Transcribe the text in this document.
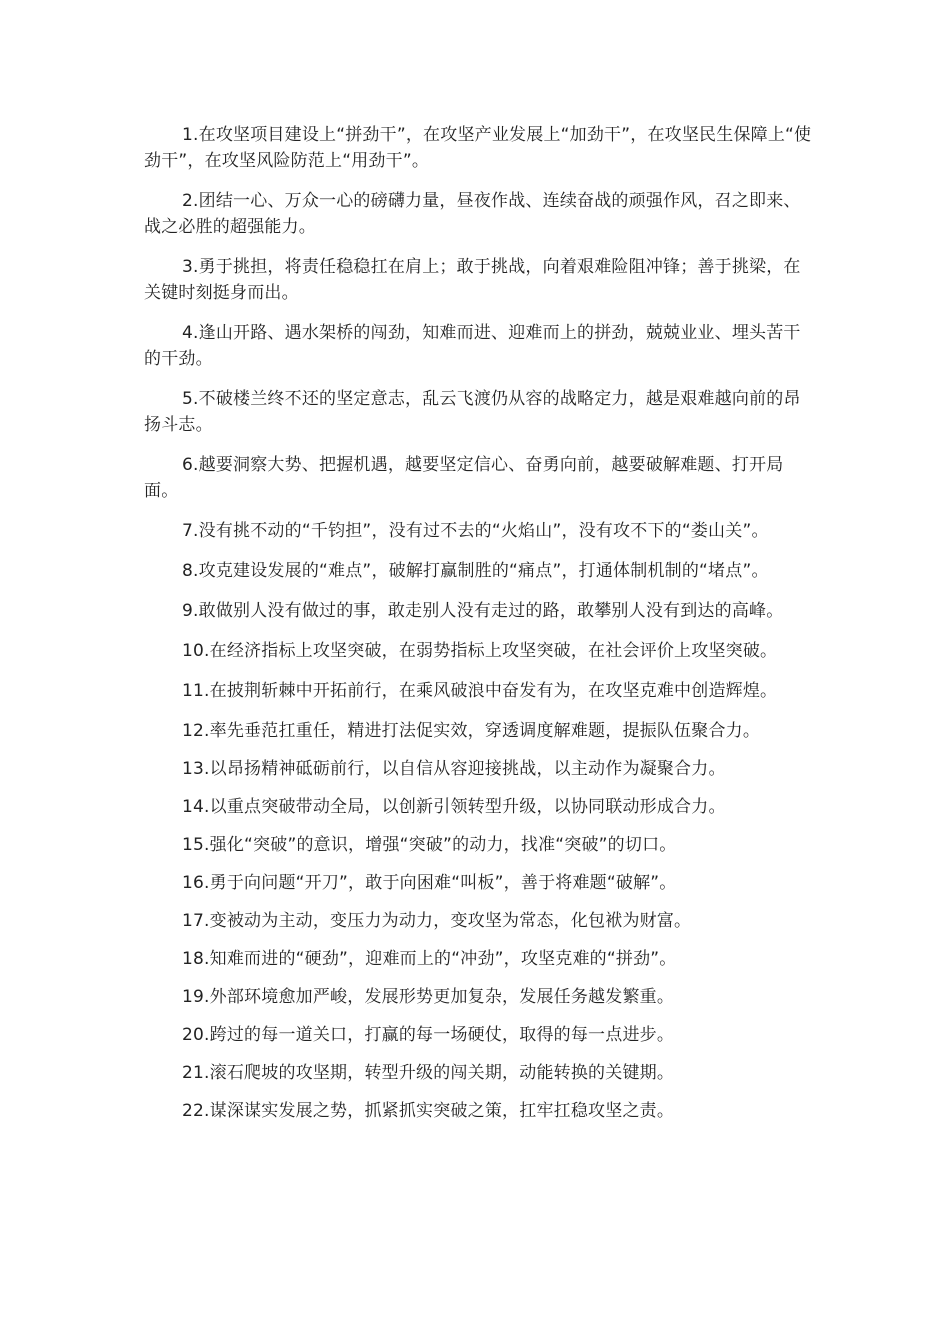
1.在攻坚项目建设上“拼劲干”，在攻坚产业发展上“加劲干”，在攻坚民生保障上“使劲干”，在攻坚风险防范上“用劲干”。

2.团结一心、万众一心的磅礴力量，昼夜作战、连续奋战的顽强作风，召之即来、战之必胜的超强能力。

3.勇于挑担，将责任稳稳扛在肩上；敢于挑战，向着艰难险阻冲锋；善于挑梁，在关键时刻挺身而出。

4.逢山开路、遇水架桥的闯劲，知难而进、迎难而上的拼劲，兢兢业业、埋头苦干的干劲。

5.不破楼兰终不还的坚定意志，乱云飞渡仍从容的战略定力，越是艰难越向前的昂扬斗志。

6.越要洞察大势、把握机遇，越要坚定信心、奋勇向前，越要破解难题、打开局面。

7.没有挑不动的“千钧担”，没有过不去的“火焰山”，没有攻不下的“娄山关”。

8.攻克建设发展的“难点”，破解打赢制胜的“痛点”，打通体制机制的“堵点”。

9.敢做别人没有做过的事，敢走别人没有走过的路，敢攀别人没有到达的高峰。

10.在经济指标上攻坚突破，在弱势指标上攻坚突破，在社会评价上攻坚突破。

11.在披荆斩棘中开拓前行，在乘风破浪中奋发有为，在攻坚克难中创造辉煌。

12.率先垂范扛重任，精进打法促实效，穿透调度解难题，提振队伍聚合力。

13.以昂扬精神砥砺前行，以自信从容迎接挑战，以主动作为凝聚合力。

14.以重点突破带动全局，以创新引领转型升级，以协同联动形成合力。

15.强化“突破”的意识，增强“突破”的动力，找准“突破”的切口。

16.勇于向问题“开刀”，敢于向困难“叫板”，善于将难题“破解”。

17.变被动为主动，变压力为动力，变攻坚为常态，化包袱为财富。

18.知难而进的“硬劲”，迎难而上的“冲劲”，攻坚克难的“拼劲”。

19.外部环境愈加严峻，发展形势更加复杂，发展任务越发繁重。

20.跨过的每一道关口，打赢的每一场硬仗，取得的每一点进步。

21.滚石爬坡的攻坚期，转型升级的闯关期，动能转换的关键期。

22.谋深谋实发展之势，抓紧抓实突破之策，扛牢扛稳攻坚之责。
